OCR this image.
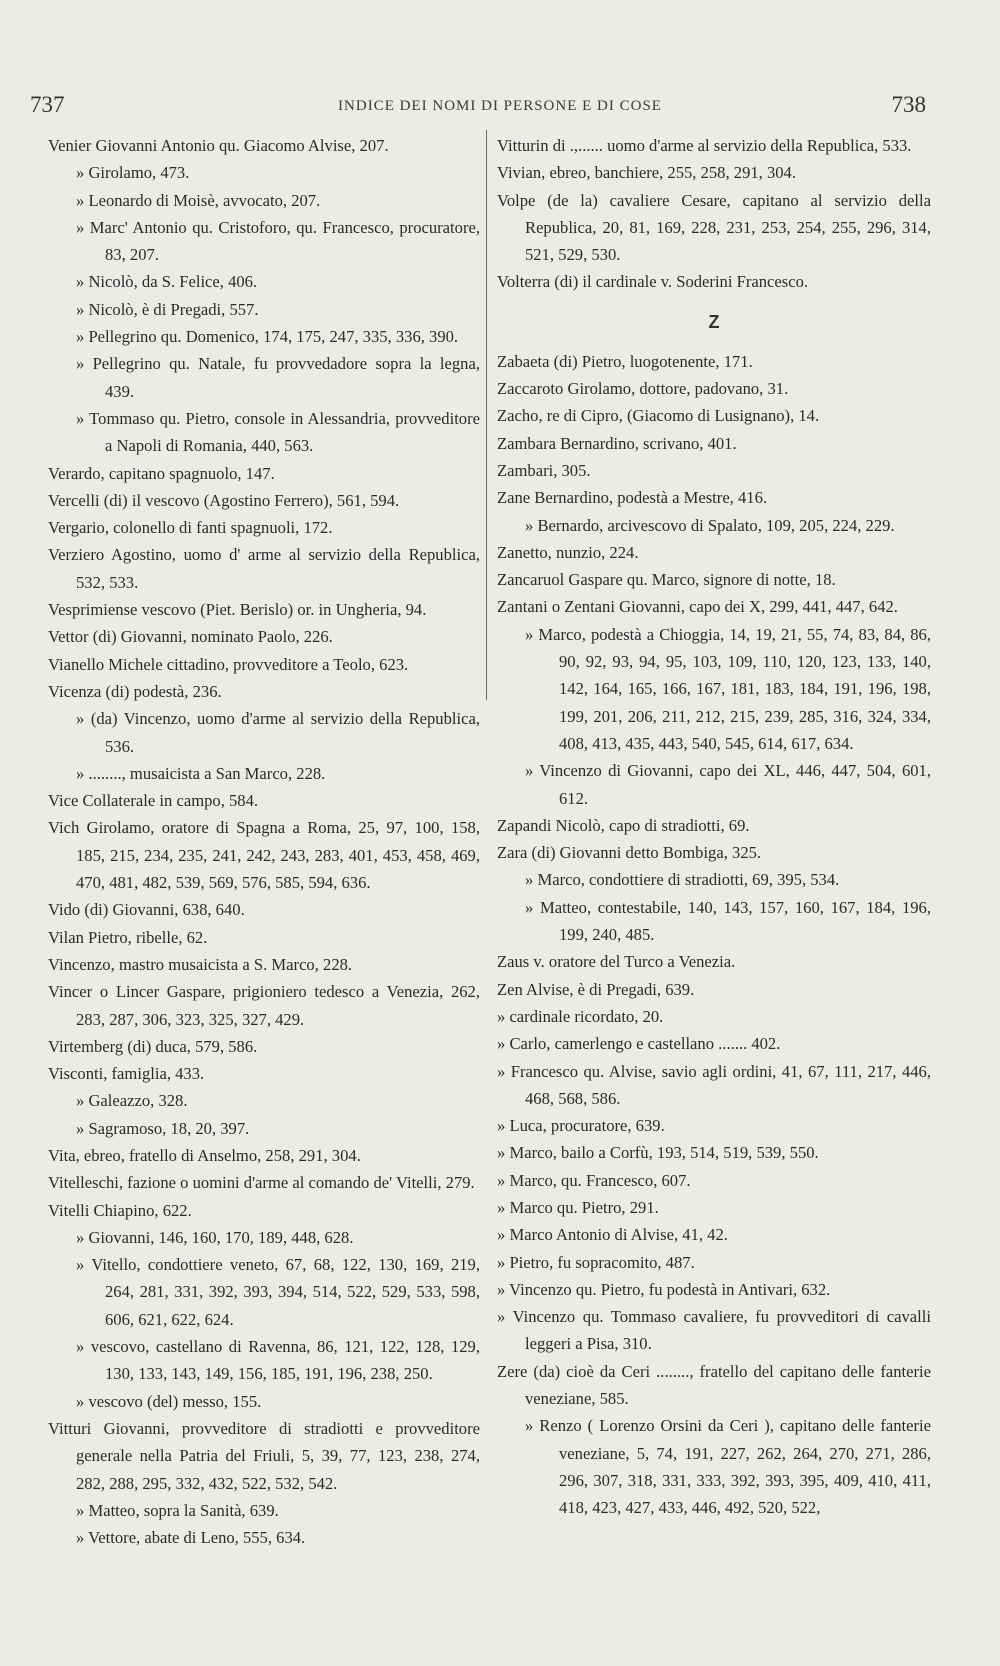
737	INDICE DEI NOMI DI PERSONE E DI COSE	738
Venier Giovanni Antonio qu. Giacomo Alvise, 207.
» Girolamo, 473.
» Leonardo di Moisè, avvocato, 207.
» Marc' Antonio qu. Cristoforo, qu. Francesco, procuratore, 83, 207.
» Nicolò, da S. Felice, 406.
» Nicolò, è di Pregadi, 557.
» Pellegrino qu. Domenico, 174, 175, 247, 335, 336, 390.
» Pellegrino qu. Natale, fu provvedadore sopra la legna, 439.
» Tommaso qu. Pietro, console in Alessandria, provveditore a Napoli di Romania, 440, 563.
Verardo, capitano spagnuolo, 147.
Vercelli (di) il vescovo (Agostino Ferrero), 561, 594.
Vergario, colonello di fanti spagnuoli, 172.
Verziero Agostino, uomo d' arme al servizio della Republica, 532, 533.
Vesprimiense vescovo (Piet. Berislo) or. in Ungheria, 94.
Vettor (di) Giovanni, nominato Paolo, 226.
Vianello Michele cittadino, provveditore a Teolo, 623.
Vicenza (di) podestà, 236.
» (da) Vincenzo, uomo d'arme al servizio della Republica, 536.
» ........, musaicista a San Marco, 228.
Vice Collaterale in campo, 584.
Vich Girolamo, oratore di Spagna a Roma, 25, 97, 100, 158, 185, 215, 234, 235, 241, 242, 243, 283, 401, 453, 458, 469, 470, 481, 482, 539, 569, 576, 585, 594, 636.
Vido (di) Giovanni, 638, 640.
Vilan Pietro, ribelle, 62.
Vincenzo, mastro musaicista a S. Marco, 228.
Vincer o Lincer Gaspare, prigioniero tedesco a Venezia, 262, 283, 287, 306, 323, 325, 327, 429.
Virtemberg (di) duca, 579, 586.
Visconti, famiglia, 433.
» Galeazzo, 328.
» Sagramoso, 18, 20, 397.
Vita, ebreo, fratello di Anselmo, 258, 291, 304.
Vitelleschi, fazione o uomini d'arme al comando de' Vitelli, 279.
Vitelli Chiapino, 622.
» Giovanni, 146, 160, 170, 189, 448, 628.
» Vitello, condottiere veneto, 67, 68, 122, 130, 169, 219, 264, 281, 331, 392, 393, 394, 514, 522, 529, 533, 598, 606, 621, 622, 624.
» vescovo, castellano di Ravenna, 86, 121, 122, 128, 129, 130, 133, 143, 149, 156, 185, 191, 196, 238, 250.
» vescovo (del) messo, 155.
Vitturi Giovanni, provveditore di stradiotti e provveditore generale nella Patria del Friuli, 5, 39, 77, 123, 238, 274, 282, 288, 295, 332, 432, 522, 532, 542.
» Matteo, sopra la Sanità, 639.
» Vettore, abate di Leno, 555, 634.
Vitturin di .,...... uomo d'arme al servizio della Republica, 533.
Vivian, ebreo, banchiere, 255, 258, 291, 304.
Volpe (de la) cavaliere Cesare, capitano al servizio della Republica, 20, 81, 169, 228, 231, 253, 254, 255, 296, 314, 521, 529, 530.
Volterra (di) il cardinale v. Soderini Francesco.
Z
Zabaeta (di) Pietro, luogotenente, 171.
Zaccaroto Girolamo, dottore, padovano, 31.
Zacho, re di Cipro, (Giacomo di Lusignano), 14.
Zambara Bernardino, scrivano, 401.
Zambari, 305.
Zane Bernardino, podestà a Mestre, 416.
» Bernardo, arcivescovo di Spalato, 109, 205, 224, 229.
Zanetto, nunzio, 224.
Zancaruol Gaspare qu. Marco, signore di notte, 18.
Zantani o Zentani Giovanni, capo dei X, 299, 441, 447, 642.
» Marco, podestà a Chioggia, 14, 19, 21, 55, 74, 83, 84, 86, 90, 92, 93, 94, 95, 103, 109, 110, 120, 123, 133, 140, 142, 164, 165, 166, 167, 181, 183, 184, 191, 196, 198, 199, 201, 206, 211, 212, 215, 239, 285, 316, 324, 334, 408, 413, 435, 443, 540, 545, 614, 617, 634.
» Vincenzo di Giovanni, capo dei XL, 446, 447, 504, 601, 612.
Zapandi Nicolò, capo di stradiotti, 69.
Zara (di) Giovanni detto Bombiga, 325.
» Marco, condottiere di stradiotti, 69, 395, 534.
» Matteo, contestabile, 140, 143, 157, 160, 167, 184, 196, 199, 240, 485.
Zaus v. oratore del Turco a Venezia.
Zen Alvise, è di Pregadi, 639.
» cardinale ricordato, 20.
» Carlo, camerlengo e castellano ....... 402.
» Francesco qu. Alvise, savio agli ordini, 41, 67, 111, 217, 446, 468, 568, 586.
» Luca, procuratore, 639.
» Marco, bailo a Corfù, 193, 514, 519, 539, 550.
» Marco, qu. Francesco, 607.
» Marco qu. Pietro, 291.
» Marco Antonio di Alvise, 41, 42.
» Pietro, fu sopracomito, 487.
» Vincenzo qu. Pietro, fu podestà in Antivari, 632.
» Vincenzo qu. Tommaso cavaliere, fu provveditori di cavalli leggeri a Pisa, 310.
Zere (da) cioè da Ceri ........, fratello del capitano delle fanterie veneziane, 585.
» Renzo ( Lorenzo Orsini da Ceri ), capitano delle fanterie veneziane, 5, 74, 191, 227, 262, 264, 270, 271, 286, 296, 307, 318, 331, 333, 392, 393, 395, 409, 410, 411, 418, 423, 427, 433, 446, 492, 520, 522,
